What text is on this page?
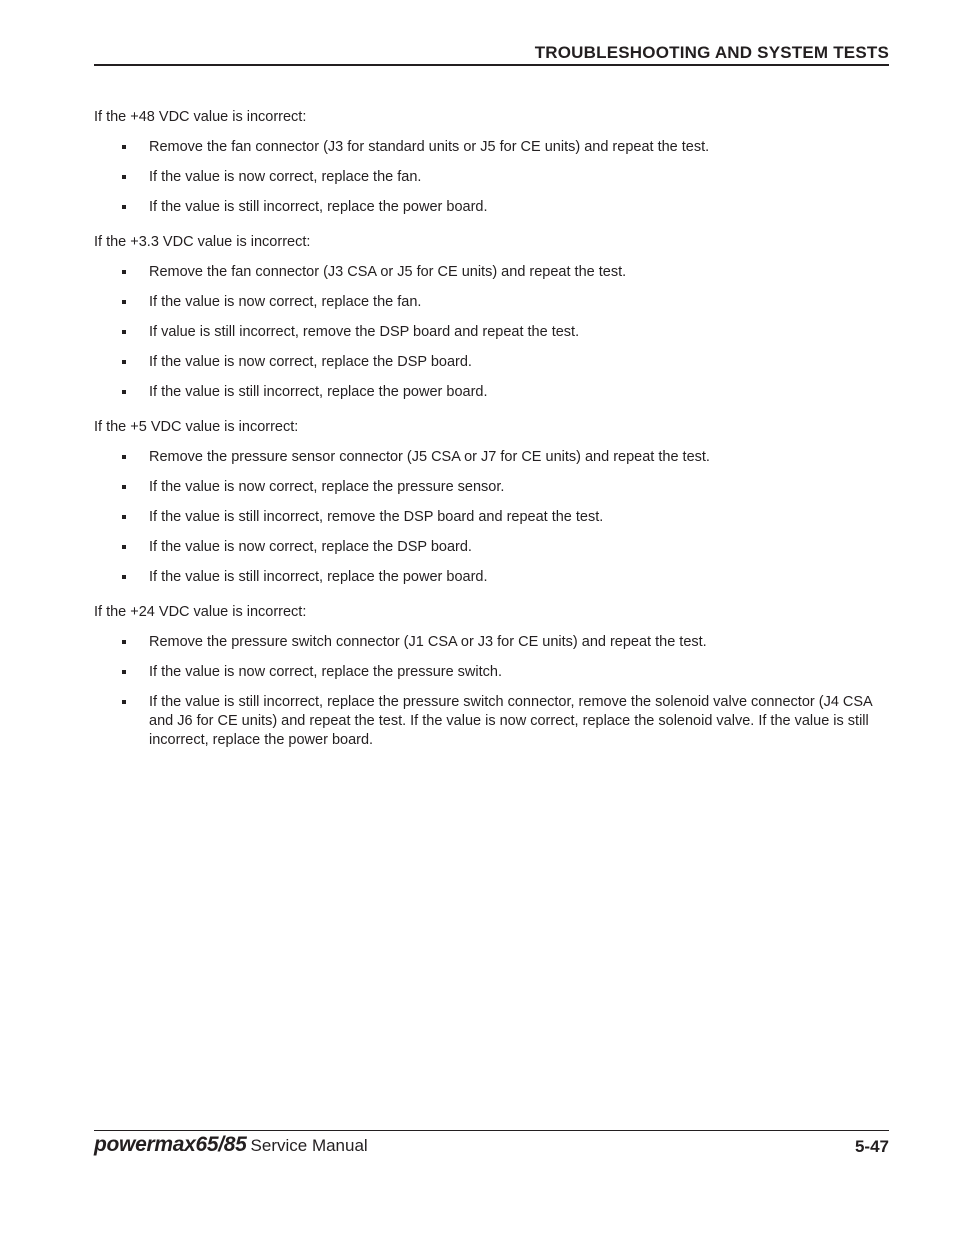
TROUBLESHOOTING AND SYSTEM TESTS

If the +48 VDC value is incorrect:

Remove the fan connector (J3 for standard units or J5 for CE units) and repeat the test.
If the value is now correct, replace the fan.
If the value is still incorrect, replace the power board.

If the +3.3 VDC value is incorrect:

Remove the fan connector (J3 CSA or J5 for CE units) and repeat the test.
If the value is now correct, replace the fan.
If value is still incorrect, remove the DSP board and repeat the test.
If the value is now correct, replace the DSP board.
If the value is still incorrect, replace the power board.

If the +5 VDC value is incorrect:

Remove the pressure sensor connector (J5 CSA or J7 for CE units) and repeat the test.
If the value is now correct, replace the pressure sensor.
If the value is still incorrect, remove the DSP board and repeat the test.
If the value is now correct, replace the DSP board.
If the value is still incorrect, replace the power board.

If the +24 VDC value is incorrect:

Remove the pressure switch connector (J1 CSA or J3 for CE units) and repeat the test.
If the value is now correct, replace the pressure switch.
If the value is still incorrect, replace the pressure switch connector, remove the solenoid valve connector (J4 CSA and J6 for CE units) and repeat the test. If the value is now correct, replace the solenoid valve. If the value is still incorrect, replace the power board.
powermax65/85 Service Manual	5-47
